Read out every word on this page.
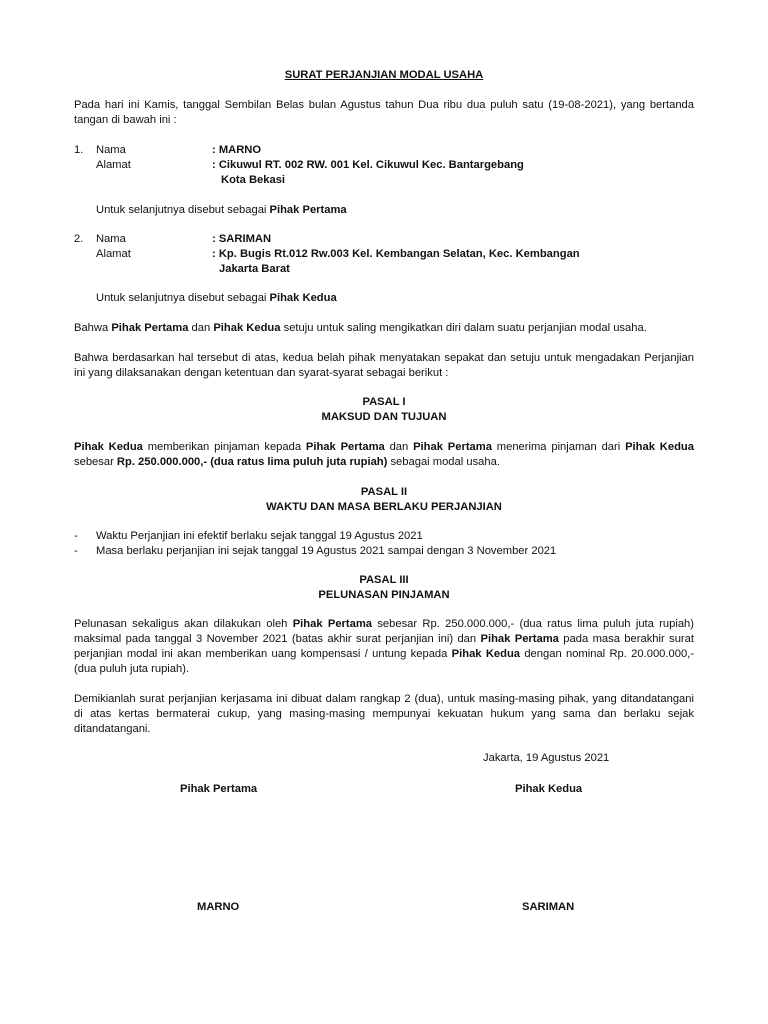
SURAT PERJANJIAN MODAL USAHA
Pada hari ini Kamis, tanggal Sembilan Belas bulan Agustus tahun Dua ribu dua puluh satu (19-08-2021), yang bertanda tangan di bawah ini :
1. Nama	: MARNO
Alamat	: Cikuwul RT. 002 RW. 001 Kel. Cikuwul Kec. Bantargebang
Kota Bekasi
Untuk selanjutnya disebut sebagai Pihak Pertama
2. Nama	: SARIMAN
Alamat	: Kp. Bugis Rt.012 Rw.003 Kel. Kembangan Selatan, Kec. Kembangan
Jakarta Barat
Untuk selanjutnya disebut sebagai Pihak Kedua
Bahwa Pihak Pertama dan Pihak Kedua setuju untuk saling mengikatkan diri dalam suatu perjanjian modal usaha.
Bahwa berdasarkan hal tersebut di atas, kedua belah pihak menyatakan sepakat dan setuju untuk mengadakan Perjanjian ini yang dilaksanakan dengan ketentuan dan syarat-syarat sebagai berikut :
PASAL I
MAKSUD DAN TUJUAN
Pihak Kedua memberikan pinjaman kepada Pihak Pertama dan Pihak Pertama menerima pinjaman dari Pihak Kedua sebesar Rp. 250.000.000,- (dua ratus lima puluh juta rupiah) sebagai modal usaha.
PASAL II
WAKTU DAN MASA BERLAKU PERJANJIAN
- Waktu Perjanjian ini efektif berlaku sejak tanggal 19 Agustus 2021
- Masa berlaku perjanjian ini sejak tanggal 19 Agustus 2021 sampai dengan 3 November 2021
PASAL III
PELUNASAN PINJAMAN
Pelunasan sekaligus akan dilakukan oleh Pihak Pertama sebesar Rp. 250.000.000,- (dua ratus lima puluh juta rupiah) maksimal pada tanggal 3 November 2021 (batas akhir surat perjanjian ini) dan Pihak Pertama pada masa berakhir surat perjanjian modal ini akan memberikan uang kompensasi / untung kepada Pihak Kedua dengan nominal Rp. 20.000.000,- (dua puluh juta rupiah).
Demikianlah surat perjanjian kerjasama ini dibuat dalam rangkap 2 (dua), untuk masing-masing pihak, yang ditandatangani di atas kertas bermaterai cukup, yang masing-masing mempunyai kekuatan hukum yang sama dan berlaku sejak ditandatangani.
Jakarta, 19 Agustus 2021
Pihak Pertama	Pihak Kedua
MARNO	SARIMAN
